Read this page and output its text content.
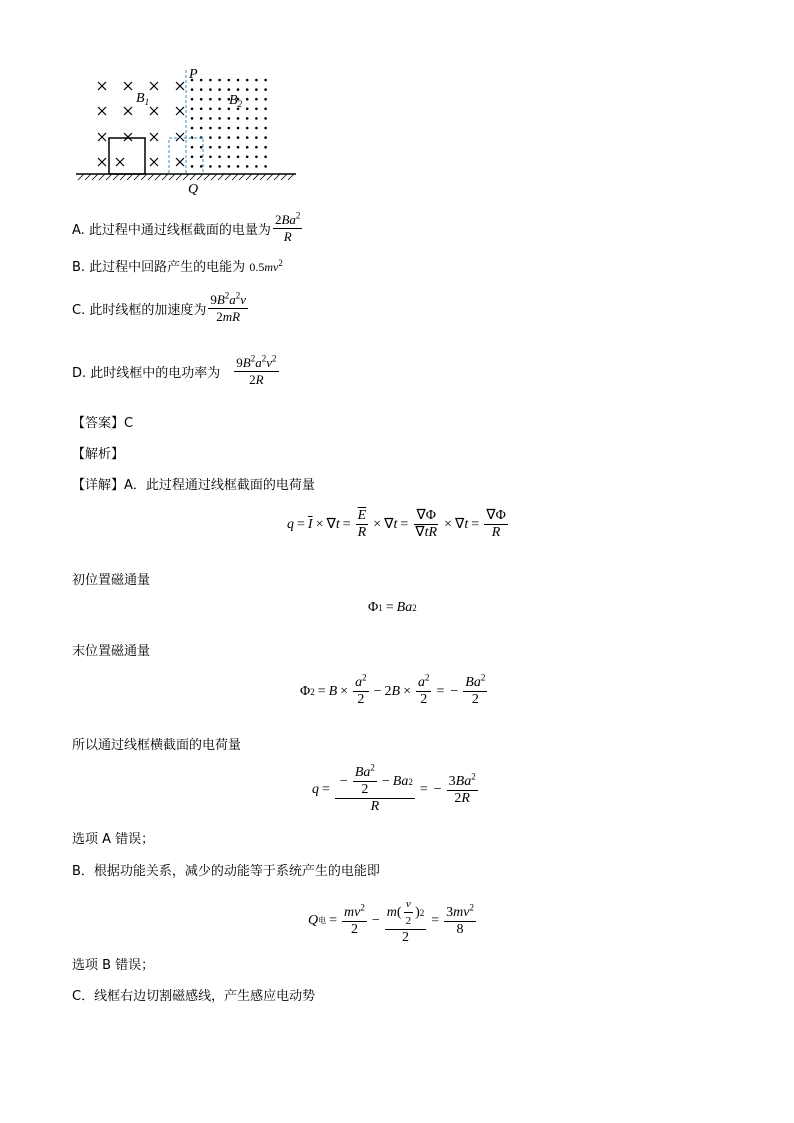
P
Q
$B_1$	$B_2$
A. 此过程中通过线框截面的电量为 $\frac{2Ba^2}{R}$
B. 此过程中回路产生的电能为 $0.5mv^2$
C. 此时线框的加速度为 $\frac{9B^2a^2v}{2mR}$
D. 此时线框中的电功率为 $\frac{9B^2a^2v^2}{2R}$
【答案】C
【解析】
【详解】A．此过程通过线框截面的电荷量
$q = \overline{I}$ × ∇ $t = \frac{\overline{E}}{R}$ × ∇ $t = \frac{\nabla\Phi}{\nabla tR}$ × ∇ $t = \frac{\nabla\Phi}{R}$
初位置磁通量
Φ 1 = Ba 2
末位置磁通量
Φ $2 = B \times \frac{a^2}{2} - 2$ $B \times \frac{a^2}{2}$ = − $\frac{Ba^2}{2}$
所以通过线框横截面的电荷量
$q = \frac{- \frac{Ba^2}{2} - Ba 2}{R}$ = − $\frac{3Ba^2}{2R}$
选项 A 错误；
B．根据功能关系，减少的动能等于系统产生的电能即
Q 电 = $\frac{mv^2}{2} - \frac{m ( \frac{v}{2} ) 2}{2} = \frac{3mv^2}{8}$
选项 B 错误；
C．线框右边切割磁感线，产生感应电动势
